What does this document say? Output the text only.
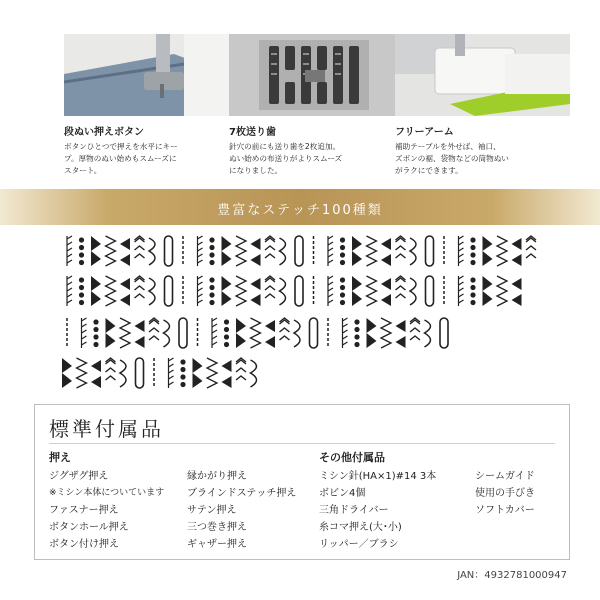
段ぬい押えボタン

ボタンひとつで押えを水平にキー
プ。厚物のぬい始めもスムーズに
スタート。

7枚送り歯

針穴の前にも送り歯を2枚追加。
ぬい始めの布送りがよりスムーズ
になりました。

フリーアーム

補助テーブルを外せば、袖口、
ズボンの裾、袋物などの筒物ぬい
がラクにできます。

豊富なステッチ100種類

標準付属品

押え
ジグザグ押え
※ミシン本体についています
ファスナー押え
ボタンホール押え
ボタン付け押え
縁かがり押え
ブラインドステッチ押え
サテン押え
三つ巻き押え
ギャザー押え
その他付属品
ミシン針(HA×1)#14 3本
ボビン4個
三角ドライバー
糸コマ押え(大･小)
リッパー／ブラシ
シームガイド
使用の手びき
ソフトカバー
JAN：4932781000947
